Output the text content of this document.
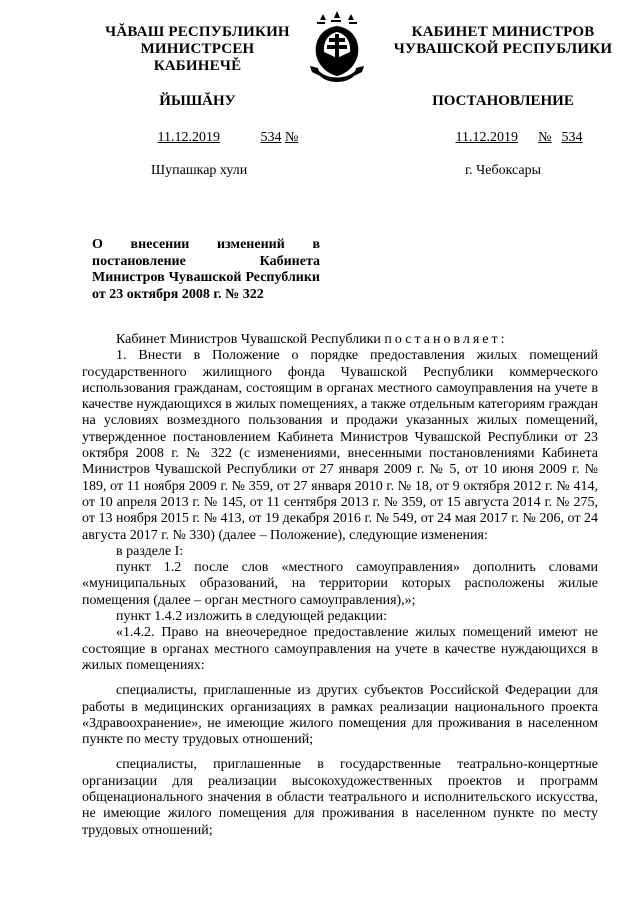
ЧĂВАШ РЕСПУБЛИКИН
МИНИСТРСЕН КАБИНЕЧĚ
КАБИНЕТ МИНИСТРОВ
ЧУВАШСКОЙ РЕСПУБЛИКИ
ЙЫШĂНУ	ПОСТАНОВЛЕНИЕ
11.12.2019	534 №	11.12.2019 № 534
Шупашкар хули	г. Чебоксары
О внесении изменений в постановление Кабинета Министров Чувашской Республики от 23 октября 2008 г. № 322

Кабинет Министров Чувашской Республики постановляет:

1. Внести в Положение о порядке предоставления жилых помещений государственного жилищного фонда Чувашской Республики коммерческого использования гражданам, состоящим в органах местного самоуправления на учете в качестве нуждающихся в жилых помещениях, а также отдельным категориям граждан на условиях возмездного пользования и продажи указанных жилых помещений, утвержденное постановлением Кабинета Министров Чувашской Республики от 23 октября 2008 г. № 322 (с изменениями, внесенными постановлениями Кабинета Министров Чувашской Республики от 27 января 2009 г. № 5, от 10 июня 2009 г. № 189, от 11 ноября 2009 г. № 359, от 27 января 2010 г. № 18, от 9 октября 2012 г. № 414, от 10 апреля 2013 г. № 145, от 11 сентября 2013 г. № 359, от 15 августа 2014 г. № 275, от 13 ноября 2015 г. № 413, от 19 декабря 2016 г. № 549, от 24 мая 2017 г. № 206, от 24 августа 2017 г. № 330) (далее – Положение), следующие изменения:

в разделе I:

пункт 1.2 после слов «местного самоуправления» дополнить словами «муниципальных образований, на территории которых расположены жилые помещения (далее – орган местного самоуправления),»;

пункт 1.4.2 изложить в следующей редакции:

«1.4.2. Право на внеочередное предоставление жилых помещений имеют не состоящие в органах местного самоуправления на учете в качестве нуждающихся в жилых помещениях:

специалисты, приглашенные из других субъектов Российской Федерации для работы в медицинских организациях в рамках реализации национального проекта «Здравоохранение», не имеющие жилого помещения для проживания в населенном пункте по месту трудовых отношений;

специалисты, приглашенные в государственные театрально-концертные организации для реализации высокохудожественных проектов и программ общенационального значения в области театрального и исполнительского искусства, не имеющие жилого помещения для проживания в населенном пункте по месту трудовых отношений;
